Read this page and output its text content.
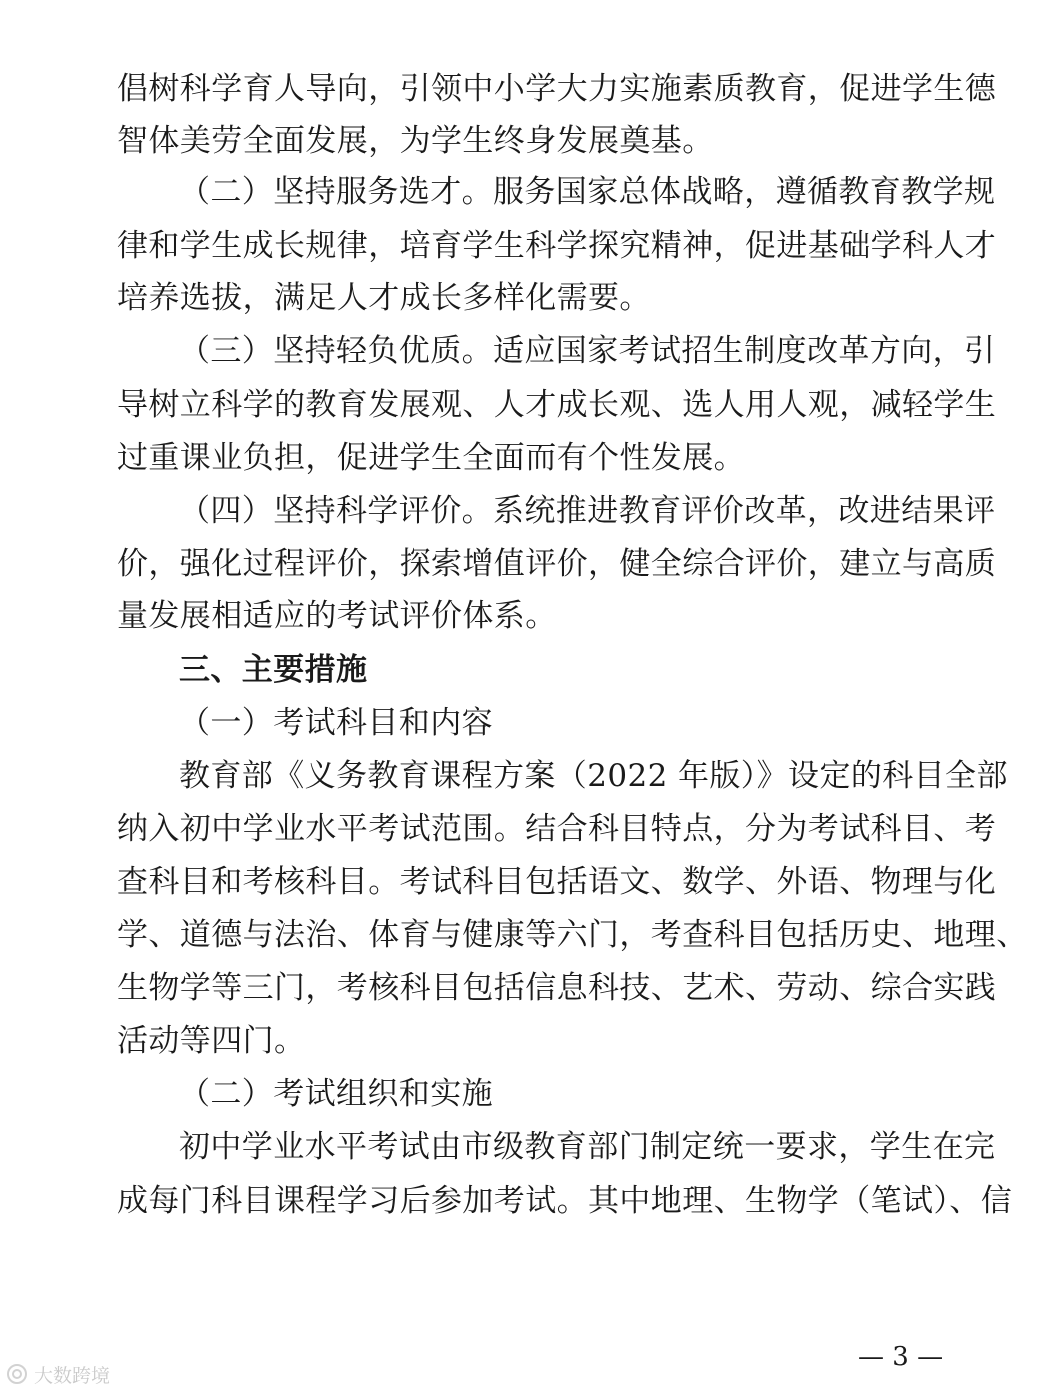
倡树科学育人导向，引领中小学大力实施素质教育，促进学生德
智体美劳全面发展，为学生终身发展奠基。
（二）坚持服务选才。服务国家总体战略，遵循教育教学规
律和学生成长规律，培育学生科学探究精神，促进基础学科人才
培养选拔，满足人才成长多样化需要。
（三）坚持轻负优质。适应国家考试招生制度改革方向，引
导树立科学的教育发展观、人才成长观、选人用人观，减轻学生
过重课业负担，促进学生全面而有个性发展。
（四）坚持科学评价。系统推进教育评价改革，改进结果评
价，强化过程评价，探索增值评价，健全综合评价，建立与高质
量发展相适应的考试评价体系。
三、主要措施
（一）考试科目和内容
教育部《义务教育课程方案（2022 年版）》设定的科目全部
纳入初中学业水平考试范围。结合科目特点，分为考试科目、考
查科目和考核科目。考试科目包括语文、数学、外语、物理与化
学、道德与法治、体育与健康等六门，考查科目包括历史、地理、
生物学等三门，考核科目包括信息科技、艺术、劳动、综合实践
活动等四门。
（二）考试组织和实施
初中学业水平考试由市级教育部门制定统一要求，学生在完
成每门科目课程学习后参加考试。其中地理、生物学（笔试）、信
— 3 —
大数跨境
